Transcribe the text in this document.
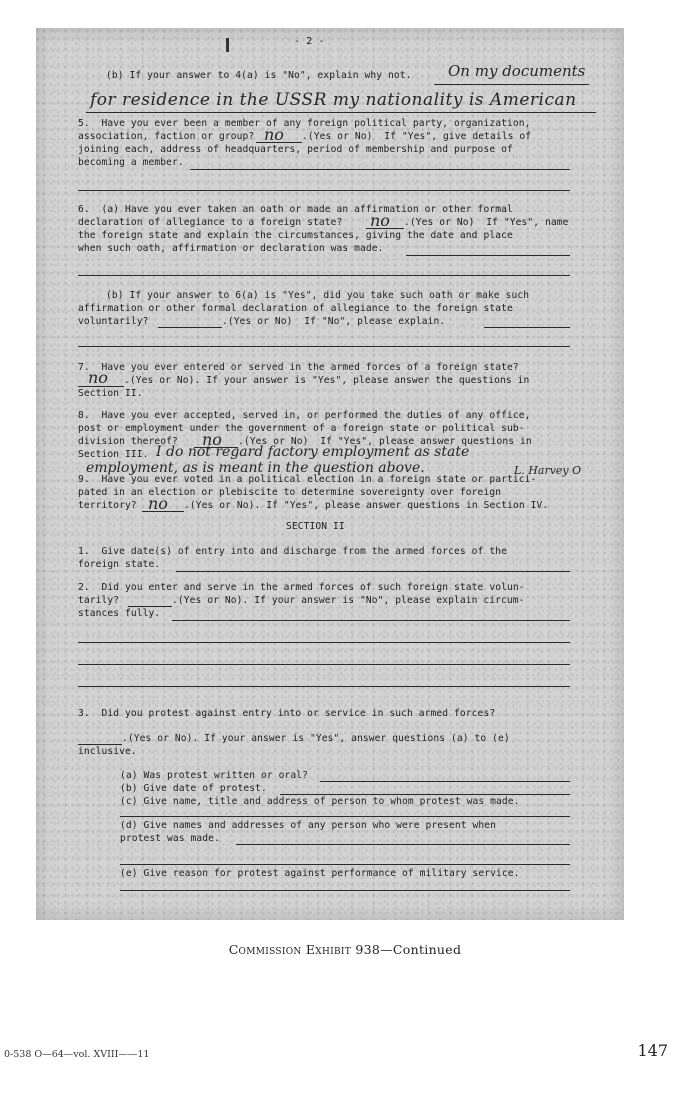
- 2 -
(b) If your answer to 4(a) is "No", explain why not. On my documents
for residence in the USSR my nationality is American
5.  Have you ever been a member of any foreign political party, organization,
association, faction or group? no .(Yes or No)  If "Yes", give details of
joining each, address of headquarters, period of membership and purpose of
becoming a member.
6.  (a) Have you ever taken an oath or made an affirmation or other formal
declaration of allegiance to a foreign state? no .(Yes or No)  If "Yes", name
the foreign state and explain the circumstances, giving the date and place
when such oath, affirmation or declaration was made.
(b) If your answer to 6(a) is "Yes", did you take such oath or make such
affirmation or other formal declaration of allegiance to the foreign state
voluntarily?	.(Yes or No)  If "No", please explain.
7.  Have you ever entered or served in the armed forces of a foreign state?
no .(Yes or No). If your answer is "Yes", please answer the questions in
Section II.
8.  Have you ever accepted, served in, or performed the duties of any office,
post or employment under the government of a foreign state or political sub-
division thereof? no .(Yes or No)  If "Yes", please answer questions in
Section III. I do not regard factory employment as state
employment, as is meant in the question above.	L. Harvey O
9.  Have you ever voted in a political election in a foreign state or partici-
pated in an election or plebiscite to determine sovereignty over foreign
territory? no .(Yes or No). If "Yes", please answer questions in Section IV.
SECTION II
1.  Give date(s) of entry into and discharge from the armed forces of the
foreign state.
2.  Did you enter and serve in the armed forces of such foreign state volun-
tarily?	.(Yes or No). If your answer is "No", please explain circum-
stances fully.
3.  Did you protest against entry into or service in such armed forces?
.(Yes or No). If your answer is "Yes", answer questions (a) to (e)
inclusive.
(a) Was protest written or oral?
(b) Give date of protest.
(c) Give name, title and address of person to whom protest was made.
(d) Give names and addresses of any person who were present when
protest was made.
(e) Give reason for protest against performance of military service.
Commission Exhibit 938—Continued
0-538 O—64—vol. XVIII——11	147
